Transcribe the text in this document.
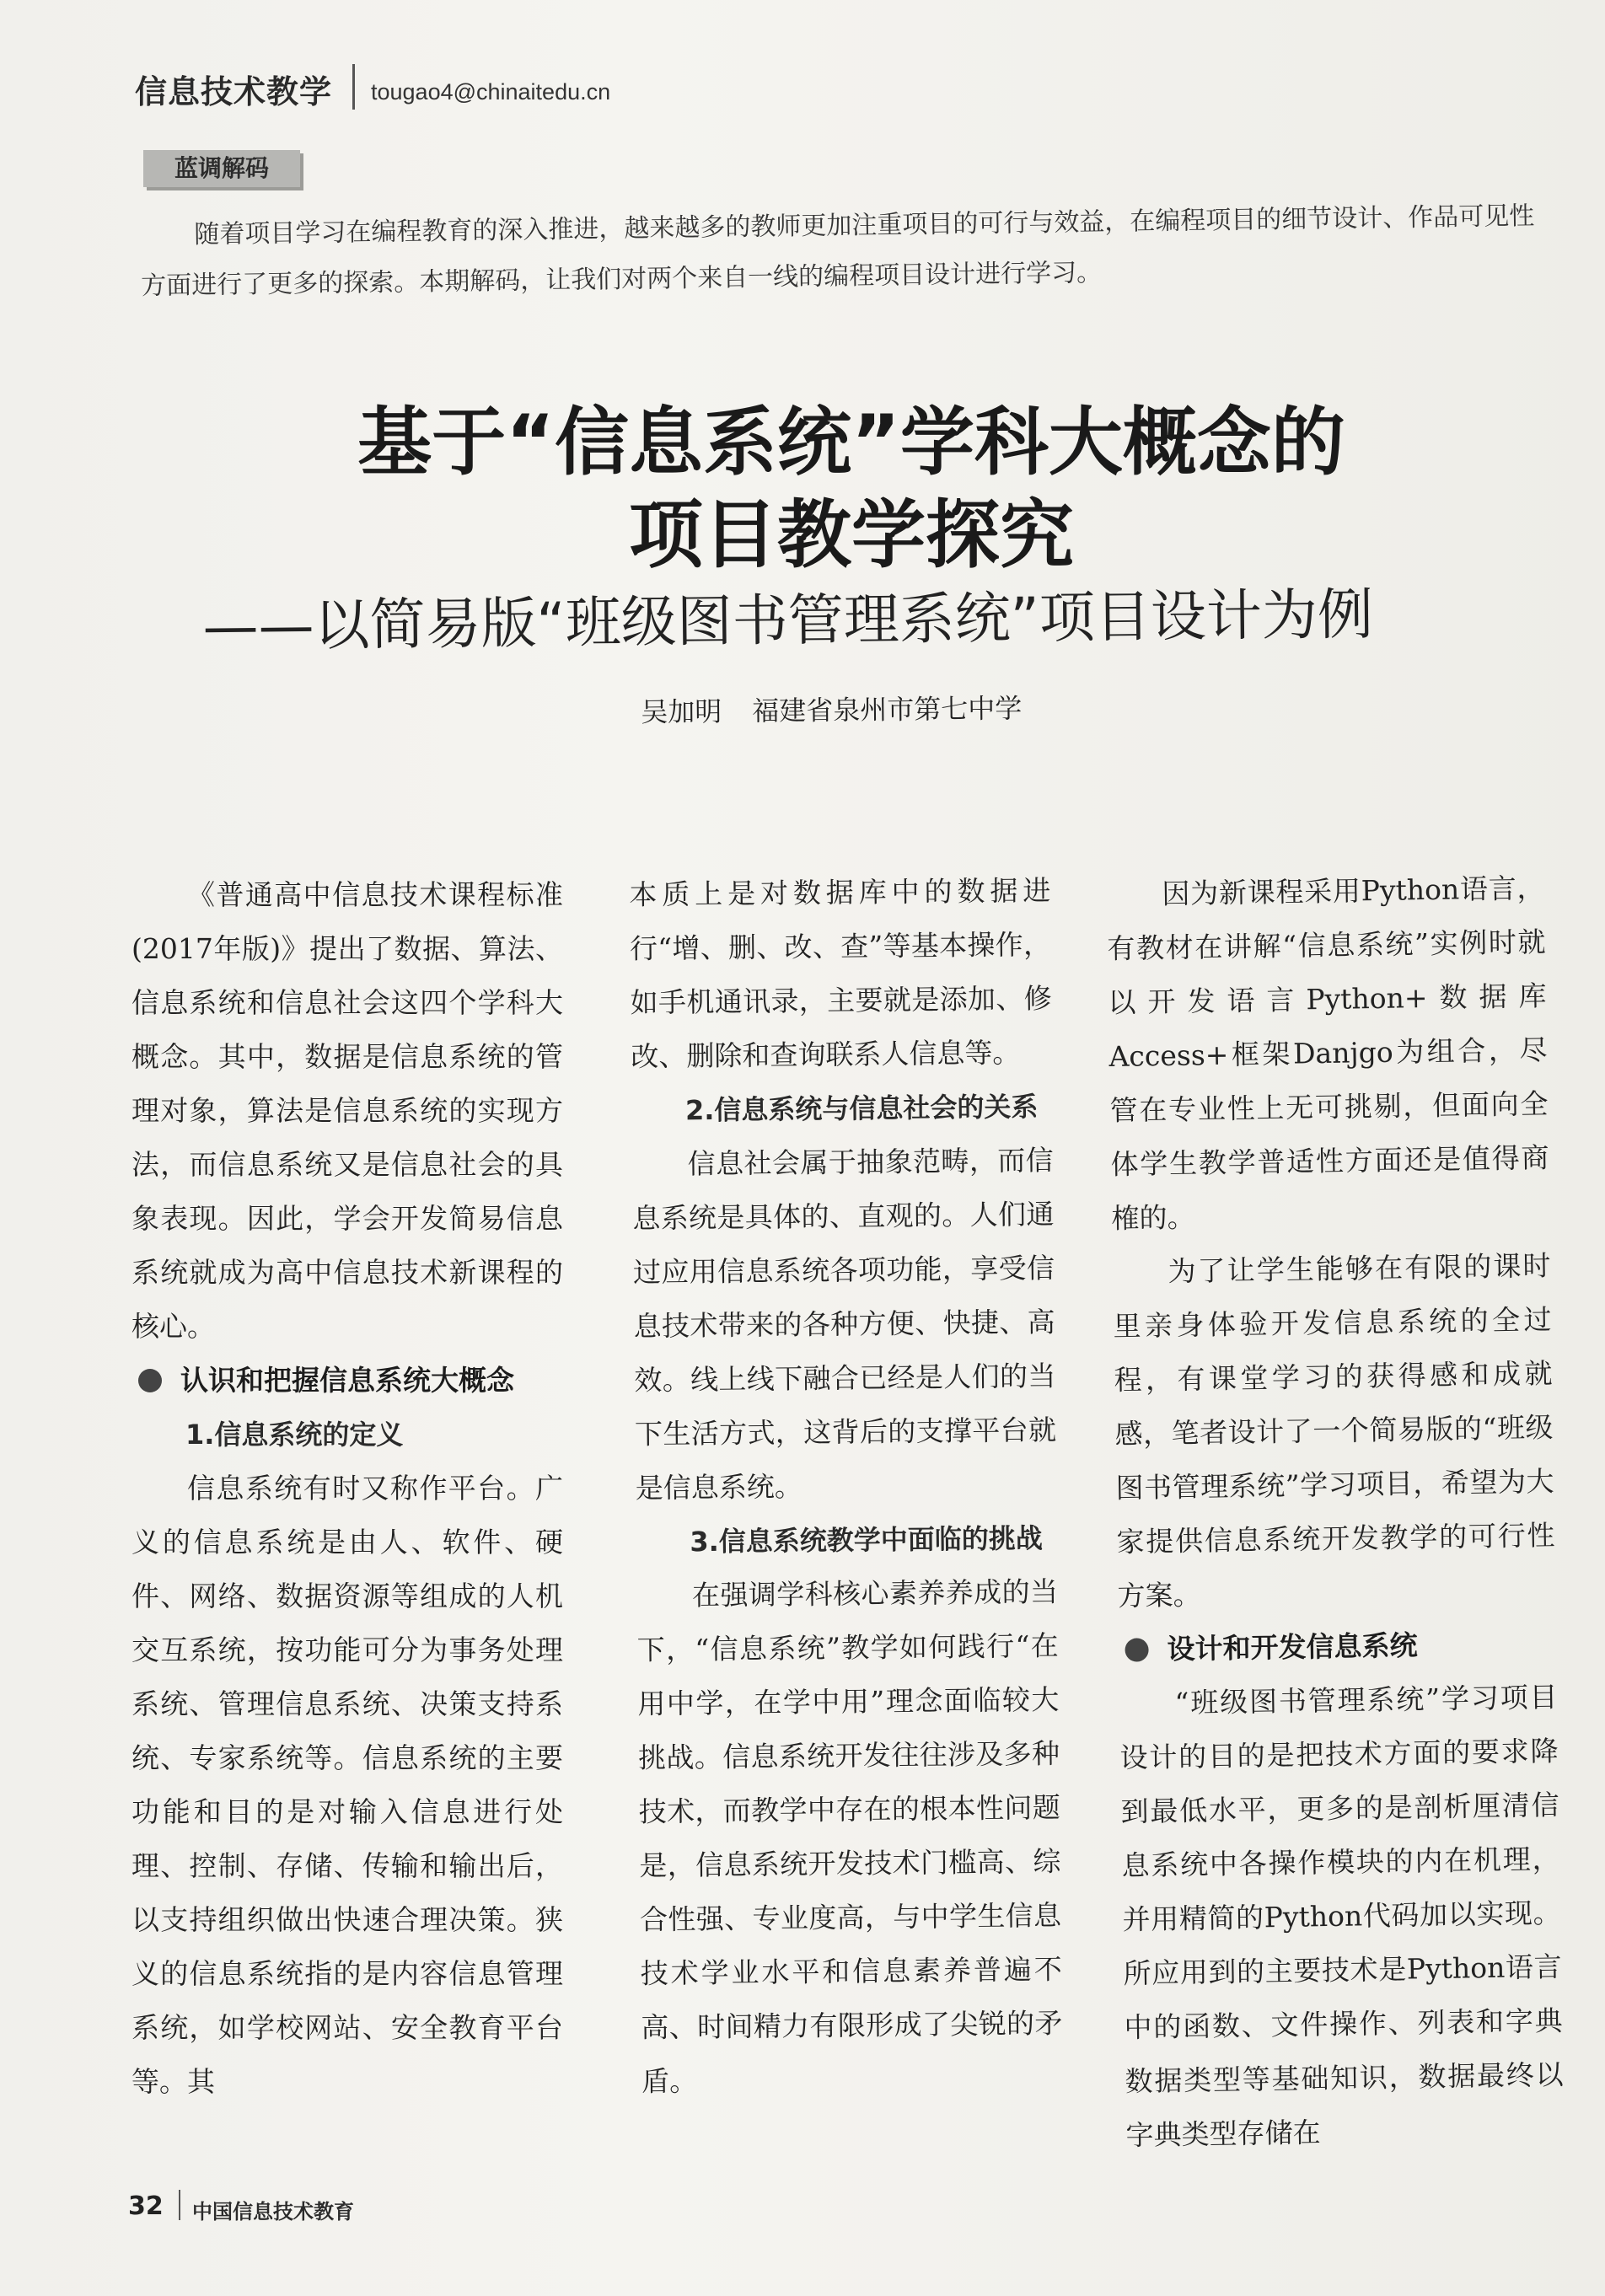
信息技术教学 tougao4@chinaitedu.cn
蓝调解码
随着项目学习在编程教育的深入推进，越来越多的教师更加注重项目的可行与效益，在编程项目的细节设计、作品可见性方面进行了更多的探索。本期解码，让我们对两个来自一线的编程项目设计进行学习。
基于“信息系统”学科大概念的
项目教学探究
——以简易版“班级图书管理系统”项目设计为例
吴加明 福建省泉州市第七中学

《普通高中信息技术课程标准(2017年版)》提出了数据、算法、信息系统和信息社会这四个学科大概念。其中，数据是信息系统的管理对象，算法是信息系统的实现方法，而信息系统又是信息社会的具象表现。因此，学会开发简易信息系统就成为高中信息技术新课程的核心。

认识和把握信息系统大概念
1.信息系统的定义

信息系统有时又称作平台。广义的信息系统是由人、软件、硬件、网络、数据资源等组成的人机交互系统，按功能可分为事务处理系统、管理信息系统、决策支持系统、专家系统等。信息系统的主要功能和目的是对输入信息进行处理、控制、存储、传输和输出后，以支持组织做出快速合理决策。狭义的信息系统指的是内容信息管理系统，如学校网站、安全教育平台等。其

本质上是对数据库中的数据进行“增、删、改、查”等基本操作，如手机通讯录，主要就是添加、修改、删除和查询联系人信息等。

2.信息系统与信息社会的关系

信息社会属于抽象范畴，而信息系统是具体的、直观的。人们通过应用信息系统各项功能，享受信息技术带来的各种方便、快捷、高效。线上线下融合已经是人们的当下生活方式，这背后的支撑平台就是信息系统。

3.信息系统教学中面临的挑战

在强调学科核心素养养成的当下，“信息系统”教学如何践行“在用中学，在学中用”理念面临较大挑战。信息系统开发往往涉及多种技术，而教学中存在的根本性问题是，信息系统开发技术门槛高、综合性强、专业度高，与中学生信息技术学业水平和信息素养普遍不高、时间精力有限形成了尖锐的矛盾。

因为新课程采用Python语言，有教材在讲解“信息系统”实例时就以开发语言Python+数据库Access+框架Danjgo为组合，尽管在专业性上无可挑剔，但面向全体学生教学普适性方面还是值得商榷的。

为了让学生能够在有限的课时里亲身体验开发信息系统的全过程，有课堂学习的获得感和成就感，笔者设计了一个简易版的“班级图书管理系统”学习项目，希望为大家提供信息系统开发教学的可行性方案。

设计和开发信息系统

“班级图书管理系统”学习项目设计的目的是把技术方面的要求降到最低水平，更多的是剖析厘清信息系统中各操作模块的内在机理，并用精简的Python代码加以实现。所应用到的主要技术是Python语言中的函数、文件操作、列表和字典数据类型等基础知识，数据最终以字典类型存储在

32 中国信息技术教育
